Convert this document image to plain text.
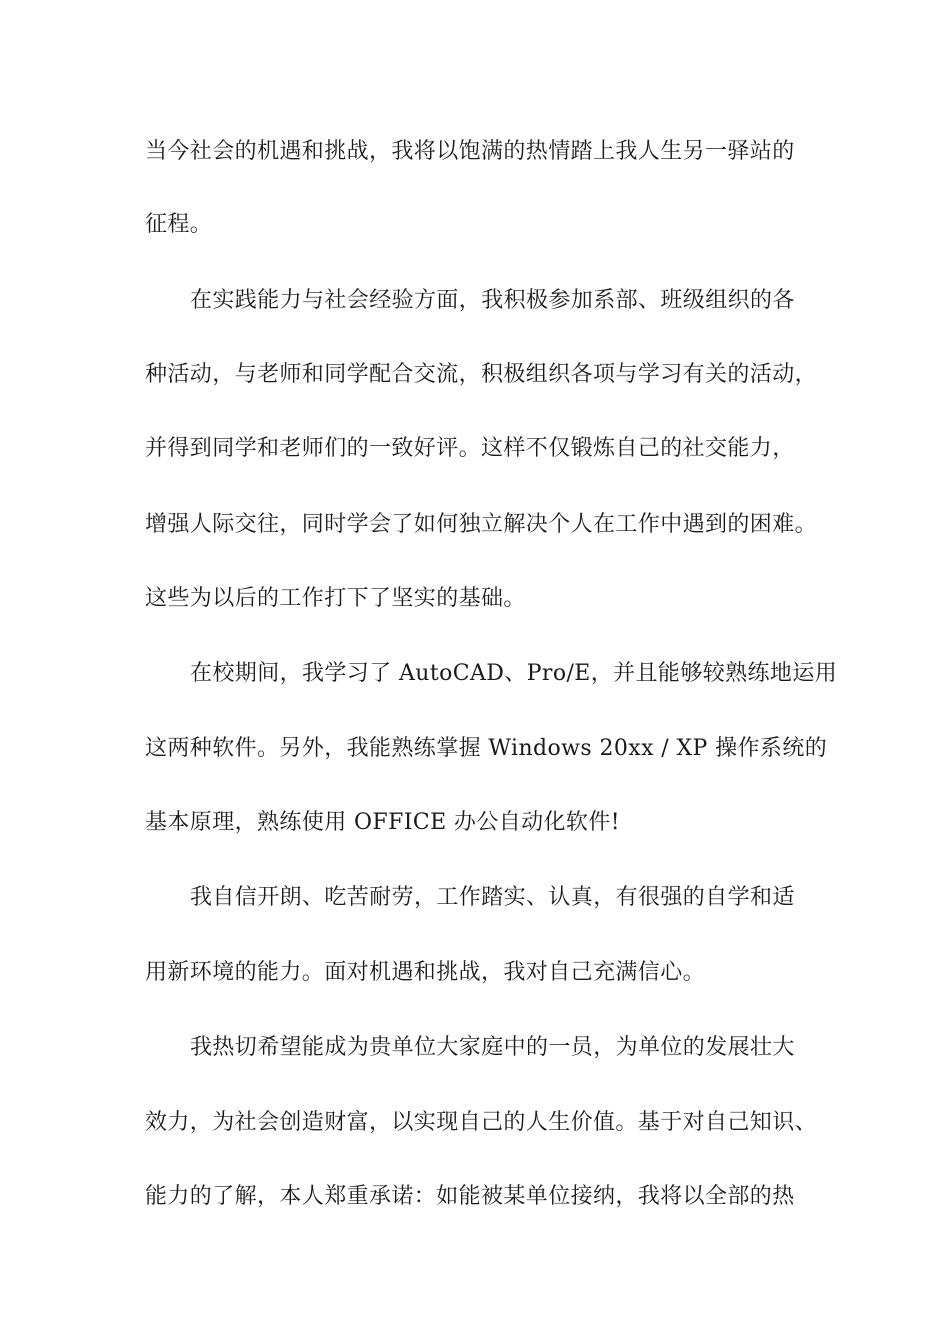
当今社会的机遇和挑战，我将以饱满的热情踏上我人生另一驿站的
征程。
在实践能力与社会经验方面，我积极参加系部、班级组织的各
种活动，与老师和同学配合交流，积极组织各项与学习有关的活动，
并得到同学和老师们的一致好评。这样不仅锻炼自己的社交能力，
增强人际交往，同时学会了如何独立解决个人在工作中遇到的困难。
这些为以后的工作打下了坚实的基础。
在校期间，我学习了 AutoCAD、Pro/E，并且能够较熟练地运用
这两种软件。另外，我能熟练掌握 Windows 20xx / XP 操作系统的
基本原理，熟练使用 OFFICE 办公自动化软件!
我自信开朗、吃苦耐劳，工作踏实、认真，有很强的自学和适
用新环境的能力。面对机遇和挑战，我对自己充满信心。
我热切希望能成为贵单位大家庭中的一员，为单位的发展壮大
效力，为社会创造财富，以实现自己的人生价值。基于对自己知识、
能力的了解，本人郑重承诺：如能被某单位接纳，我将以全部的热
